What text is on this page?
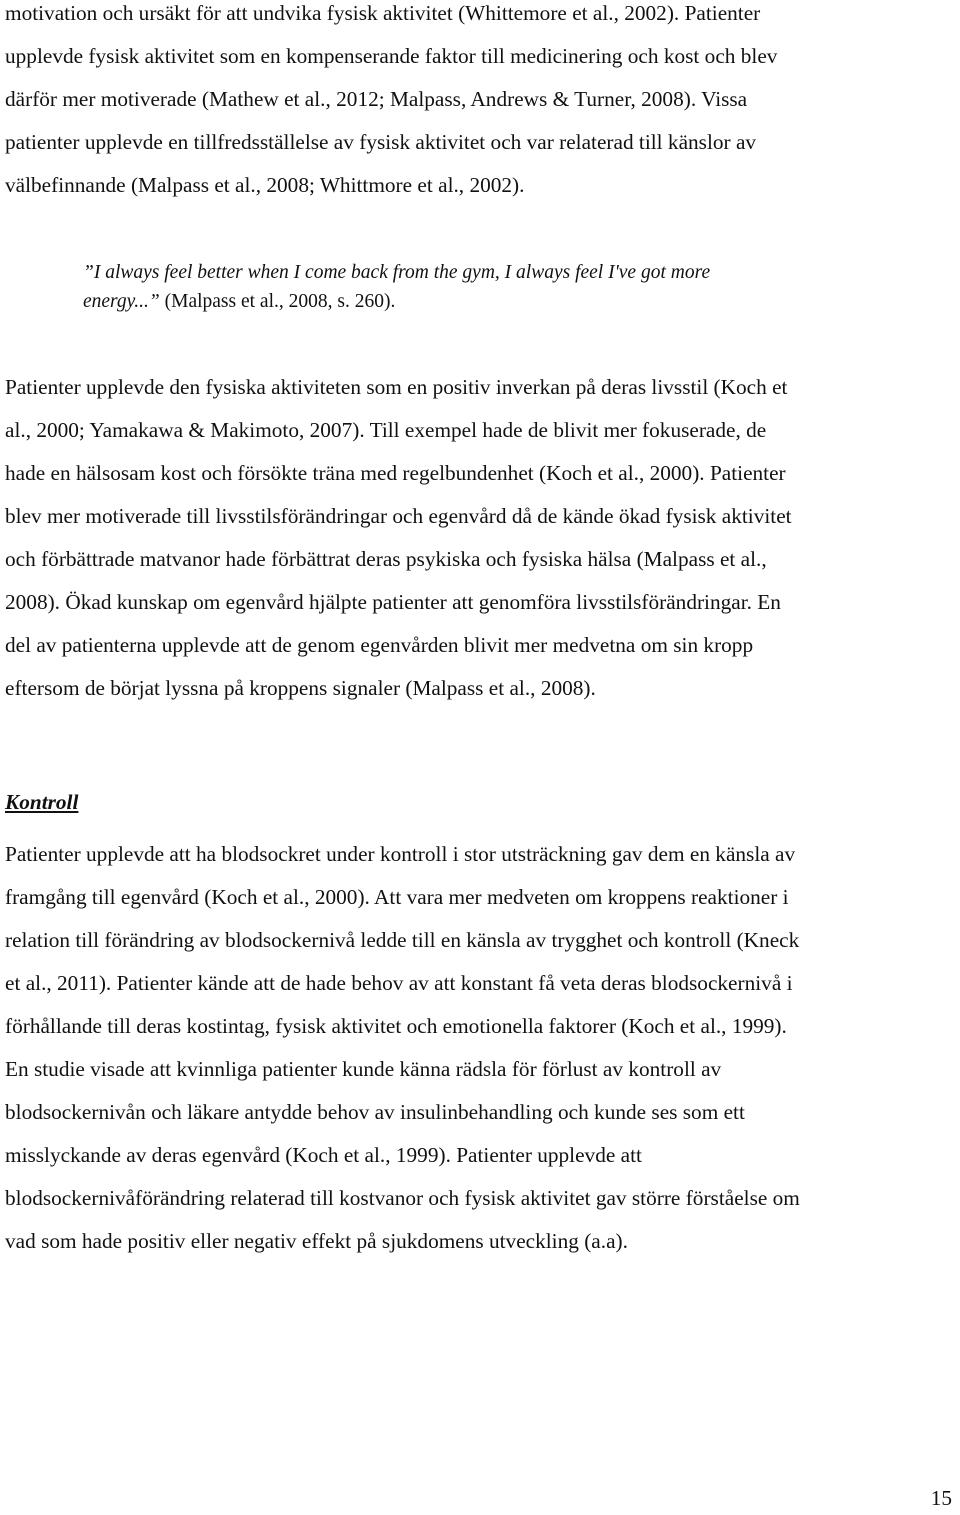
motivation och ursäkt för att undvika fysisk aktivitet (Whittemore et al., 2002). Patienter
upplevde fysisk aktivitet som en kompenserande faktor till medicinering och kost och blev
därför mer motiverade (Mathew et al., 2012; Malpass, Andrews & Turner, 2008). Vissa
patienter upplevde en tillfredsställelse av fysisk aktivitet och var relaterad till känslor av
välbefinnande (Malpass et al., 2008; Whittmore et al., 2002).
”I always feel better when I come back from the gym, I always feel I've got more
energy...” (Malpass et al., 2008, s. 260).
Patienter upplevde den fysiska aktiviteten som en positiv inverkan på deras livsstil (Koch et
al., 2000; Yamakawa & Makimoto, 2007). Till exempel hade de blivit mer fokuserade, de
hade en hälsosam kost och försökte träna med regelbundenhet (Koch et al., 2000). Patienter
blev mer motiverade till livsstilsförändringar och egenvård då de kände ökad fysisk aktivitet
och förbättrade matvanor hade förbättrat deras psykiska och fysiska hälsa (Malpass et al.,
2008). Ökad kunskap om egenvård hjälpte patienter att genomföra livsstilsförändringar. En
del av patienterna upplevde att de genom egenvården blivit mer medvetna om sin kropp
eftersom de börjat lyssna på kroppens signaler (Malpass et al., 2008).
Kontroll
Patienter upplevde att ha blodsockret under kontroll i stor utsträckning gav dem en känsla av
framgång till egenvård (Koch et al., 2000). Att vara mer medveten om kroppens reaktioner i
relation till förändring av blodsockernivå ledde till en känsla av trygghet och kontroll (Kneck
et al., 2011). Patienter kände att de hade behov av att konstant få veta deras blodsockernivå i
förhållande till deras kostintag, fysisk aktivitet och emotionella faktorer (Koch et al., 1999).
En studie visade att kvinnliga patienter kunde känna rädsla för förlust av kontroll av
blodsockernivån och läkare antydde behov av insulinbehandling och kunde ses som ett
misslyckande av deras egenvård (Koch et al., 1999). Patienter upplevde att
blodsockernivåförändring relaterad till kostvanor och fysisk aktivitet gav större förståelse om
vad som hade positiv eller negativ effekt på sjukdomens utveckling (a.a).
15
